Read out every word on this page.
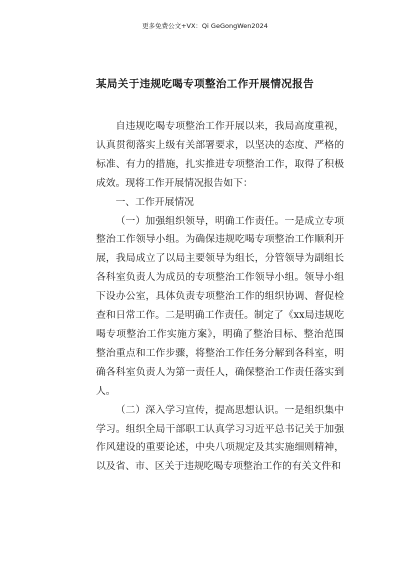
更多免费公文+VX：Qi GeGongWen2024
某局关于违规吃喝专项整治工作开展情况报告

自违规吃喝专项整治工作开展以来，我局高度重视，认真贯彻落实上级有关部署要求，以坚决的态度、严格的标准、有力的措施，扎实推进专项整治工作，取得了积极成效。现将工作开展情况报告如下：

一、工作开展情况

（一）加强组织领导，明确工作责任。一是成立专项整治工作领导小组。为确保违规吃喝专项整治工作顺利开展，我局成立了以局主要领导为组长，分管领导为副组长各科室负责人为成员的专项整治工作领导小组。领导小组下设办公室，具体负责专项整治工作的组织协调、督促检查和日常工作。二是明确工作责任。制定了《xx局违规吃喝专项整治工作实施方案》，明确了整治目标、整治范围整治重点和工作步骤，将整治工作任务分解到各科室，明确各科室负责人为第一责任人，确保整治工作责任落实到人。

（二）深入学习宣传，提高思想认识。一是组织集中学习。组织全局干部职工认真学习习近平总书记关于加强作风建设的重要论述，中央八项规定及其实施细则精神，以及省、市、区关于违规吃喝专项整治工作的有关文件和
